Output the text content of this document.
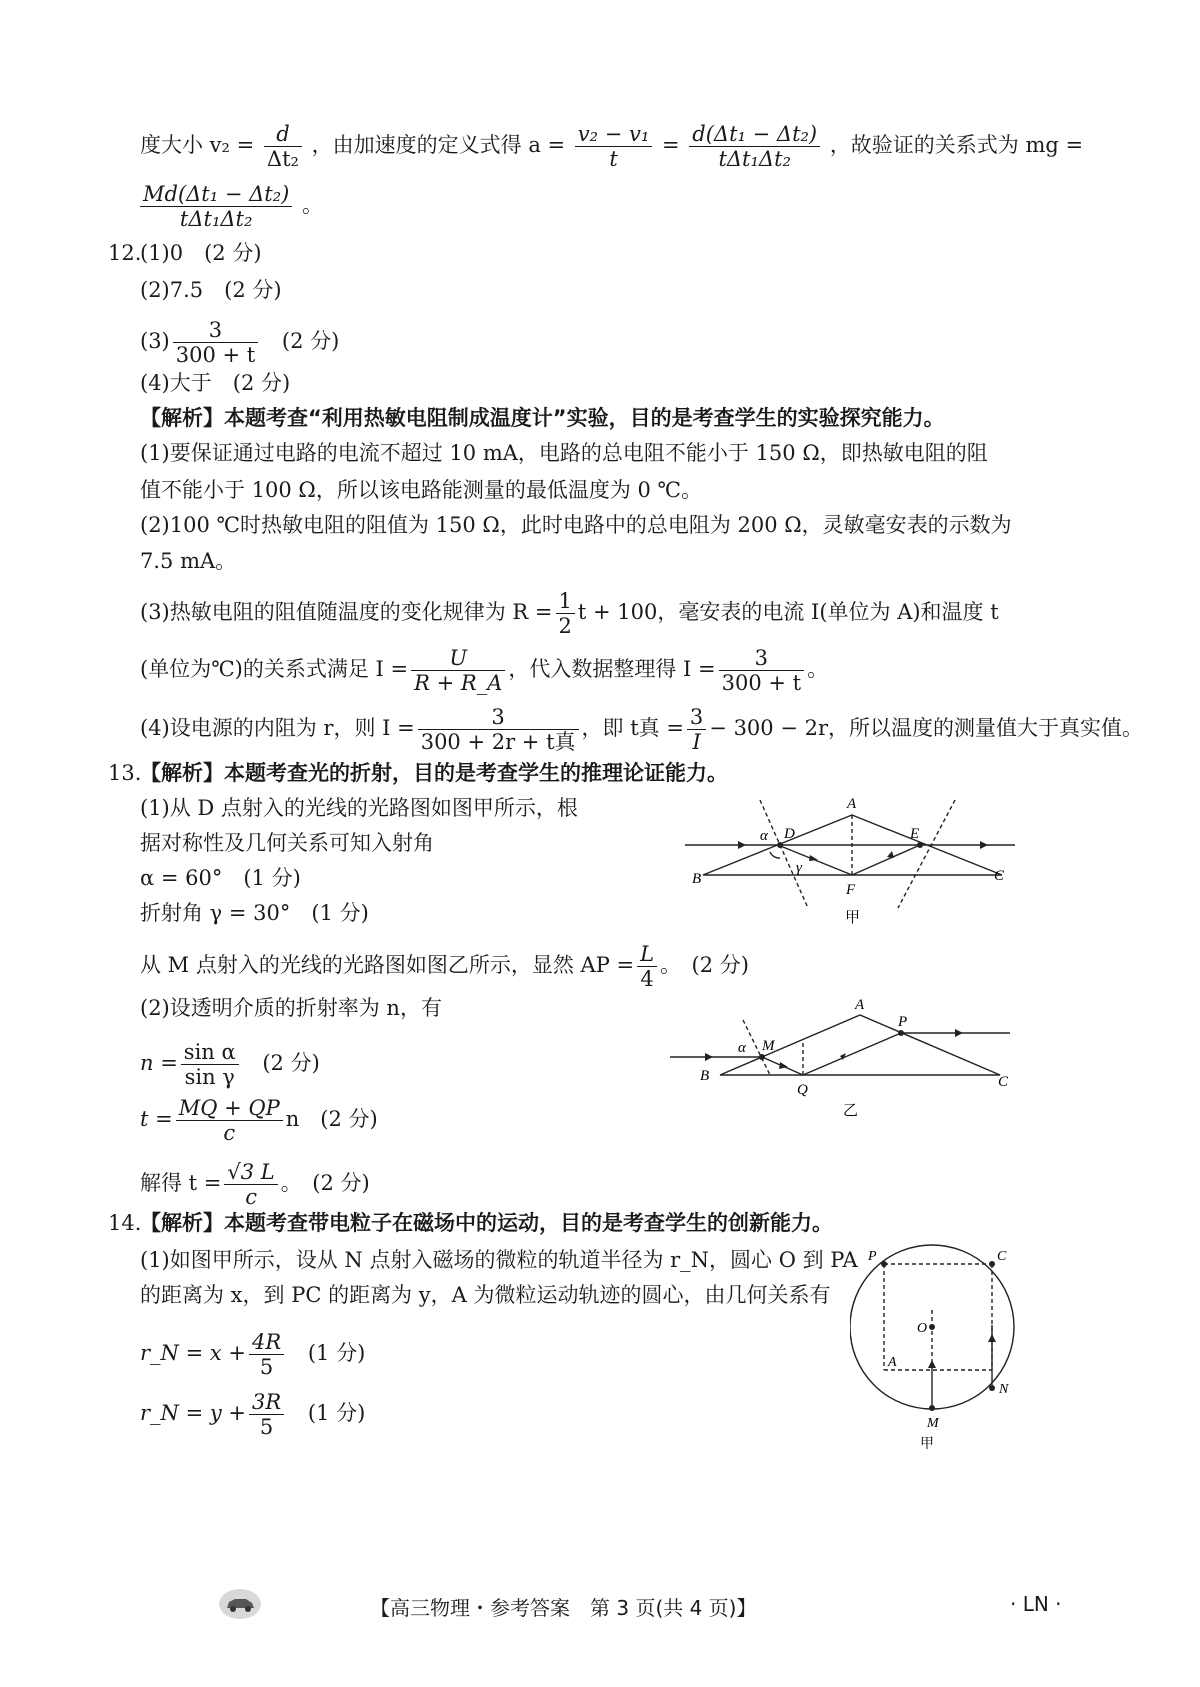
度大小 $v_2 = \frac{d}{\text{Δt₂}}$ ，由加速度的定义式得 $a = \frac{\text{v₂ − v₁}}{t} = \frac{\text{d(Δt₁ − Δt₂)}}{\text{tΔt₁Δt₂}}$ ，故验证的关系式为 mg =
$\frac{\text{Md(Δt₁ − Δt₂)}}{\text{tΔt₁Δt₂}}$ 。
12.
(1)0　(2 分)
(2)7.5　(2 分)
$(3) \frac{3}{300 + t} (2$ 分)
(4)大于　(2 分)
【解析】本题考查“利用热敏电阻制成温度计”实验，目的是考查学生的实验探究能力。
(1)要保证通过电路的电流不超过 10 mA，电路的总电阻不能小于 150 Ω，即热敏电阻的阻
值不能小于 100 Ω，所以该电路能测量的最低温度为 0 ℃。
(2)100 ℃时热敏电阻的阻值为 150 Ω，此时电路中的总电阻为 200 Ω，灵敏毫安表的示数为
7.5 mA。
(3)热敏电阻的阻值随温度的变化规律为 $R = \frac{1}{2}$ t + 100，毫安表的电流 I(单位为 A)和温度 t
(单位为℃)的关系式满足 $I = \frac{U}{R + R\_A}$ ，代入数据整理得 $I = \frac{3}{300 + t}$ 。
(4)设电源的内阻为 r，则 $I = \frac{3}{\text{300 + 2r + t真}}$ ，即 t真 = $\frac{3}{I} - 300 - 2r$，所以温度的测量值大于真实值。
13.
【解析】本题考查光的折射，目的是考查学生的推理论证能力。
(1)从 D 点射入的光线的光路图如图甲所示，根
据对称性及几何关系可知入射角
α = 60°　(1 分)
折射角 γ = 30°　(1 分)
从 M 点射入的光线的光路图如图乙所示，显然 AP = $\frac{L}{4}$ 。　(2 分)
(2)设透明介质的折射率为 n，有
$n = \frac{\text{sin α}}{\text{sin γ}} (2$ 分)
$t = \frac{MQ + QP}{c}$ n　(2 分)
解得 $t = \frac{√3 L}{c}$ 。　(2 分)
A
B	C
D	E
F
α
γ
甲
A
B	C
M
P
Q
α
乙
14.
【解析】本题考查带电粒子在磁场中的运动，目的是考查学生的创新能力。
(1)如图甲所示，设从 N 点射入磁场的微粒的轨道半径为 r_N，圆心 O 到 PA
的距离为 x，到 PC 的距离为 y，A 为微粒运动轨迹的圆心，由几何关系有
r_N = $x + \frac{4R}{5} (1$ 分)
r_N = $y + \frac{3R}{5} (1$ 分)
P	C
O
A
N
M
甲
【高三物理・参考答案　第 3 页(共 4 页)】	· LN ·
